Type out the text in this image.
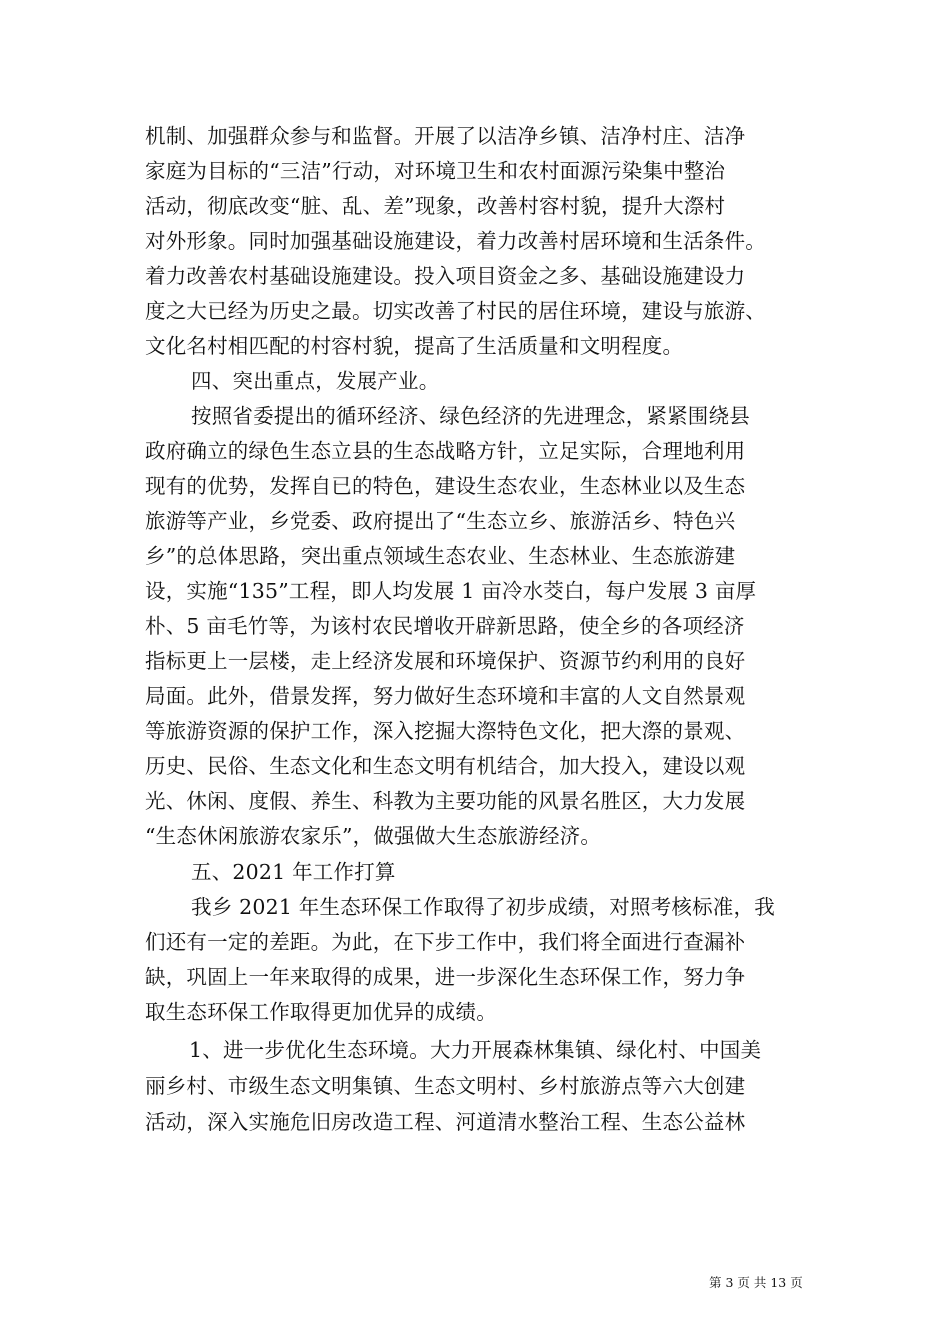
机制、加强群众参与和监督。开展了以洁净乡镇、洁净村庄、洁净
家庭为目标的“三洁”行动，对环境卫生和农村面源污染集中整治
活动，彻底改变“脏、乱、差”现象，改善村容村貌，提升大漈村
对外形象。同时加强基础设施建设，着力改善村居环境和生活条件。
着力改善农村基础设施建设。投入项目资金之多、基础设施建设力
度之大已经为历史之最。切实改善了村民的居住环境，建设与旅游、
文化名村相匹配的村容村貌，提高了生活质量和文明程度。
四、突出重点，发展产业。
按照省委提出的循环经济、绿色经济的先进理念，紧紧围绕县
政府确立的绿色生态立县的生态战略方针，立足实际，合理地利用
现有的优势，发挥自已的特色，建设生态农业，生态林业以及生态
旅游等产业，乡党委、政府提出了“生态立乡、旅游活乡、特色兴
乡”的总体思路，突出重点领域生态农业、生态林业、生态旅游建
设，实施“135”工程，即人均发展 1 亩冷水茭白，每户发展 3 亩厚
朴、5 亩毛竹等，为该村农民增收开辟新思路，使全乡的各项经济
指标更上一层楼，走上经济发展和环境保护、资源节约利用的良好
局面。此外，借景发挥，努力做好生态环境和丰富的人文自然景观
等旅游资源的保护工作，深入挖掘大漈特色文化，把大漈的景观、
历史、民俗、生态文化和生态文明有机结合，加大投入，建设以观
光、休闲、度假、养生、科教为主要功能的风景名胜区，大力发展
“生态休闲旅游农家乐”，做强做大生态旅游经济。
五、2021 年工作打算
我乡 2021 年生态环保工作取得了初步成绩，对照考核标准，我
们还有一定的差距。为此，在下步工作中，我们将全面进行查漏补
缺，巩固上一年来取得的成果，进一步深化生态环保工作，努力争
取生态环保工作取得更加优异的成绩。
1、进一步优化生态环境。大力开展森林集镇、绿化村、中国美
丽乡村、市级生态文明集镇、生态文明村、乡村旅游点等六大创建
活动，深入实施危旧房改造工程、河道清水整治工程、生态公益林
第 3 页 共 13 页
